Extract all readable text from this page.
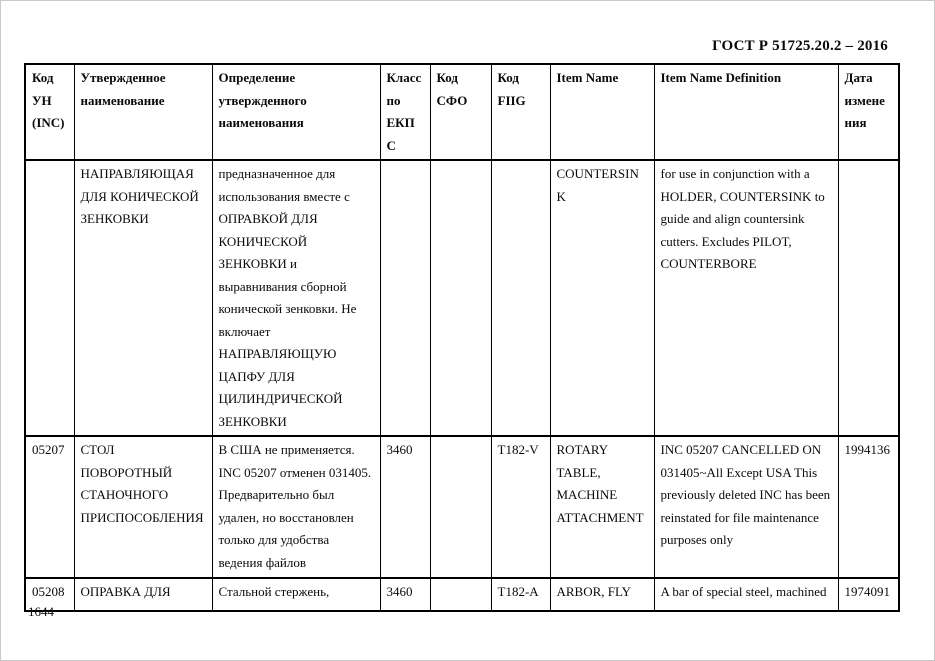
ГОСТ Р 51725.20.2 – 2016
Код УН (INC)	Утвержденное наименование	Определение утвержденного наименования	Класс по ЕКПС	Код СФО	Код FIIG	Item Name	Item Name Definition	Дата изменения
	НАПРАВЛЯЮЩАЯ ДЛЯ КОНИЧЕСКОЙ ЗЕНКОВКИ	предназначенное для использования вместе с ОПРАВКОЙ ДЛЯ КОНИЧЕСКОЙ ЗЕНКОВКИ и выравнивания сборной конической зенковки. Не включает НАПРАВЛЯЮЩУЮ ЦАПФУ ДЛЯ ЦИЛИНДРИЧЕСКОЙ ЗЕНКОВКИ				COUNTERSINK	for use in conjunction with a HOLDER, COUNTERSINK to guide and align countersink cutters. Excludes PILOT, COUNTERBORE	
05207	СТОЛ ПОВОРОТНЫЙ СТАНОЧНОГО ПРИСПОСОБЛЕНИЯ	В США не применяется. INC 05207 отменен 031405. Предварительно был удален, но восстановлен только для удобства ведения файлов	3460		T182-V	ROTARY TABLE, MACHINE ATTACHMENT	INC 05207 CANCELLED ON 031405~All Except USA This previously deleted INC has been reinstated for file maintenance purposes only	1994136
05208	ОПРАВКА ДЛЯ	Стальной стержень,	3460		T182-A	ARBOR, FLY	A bar of special steel, machined	1974091
1644
